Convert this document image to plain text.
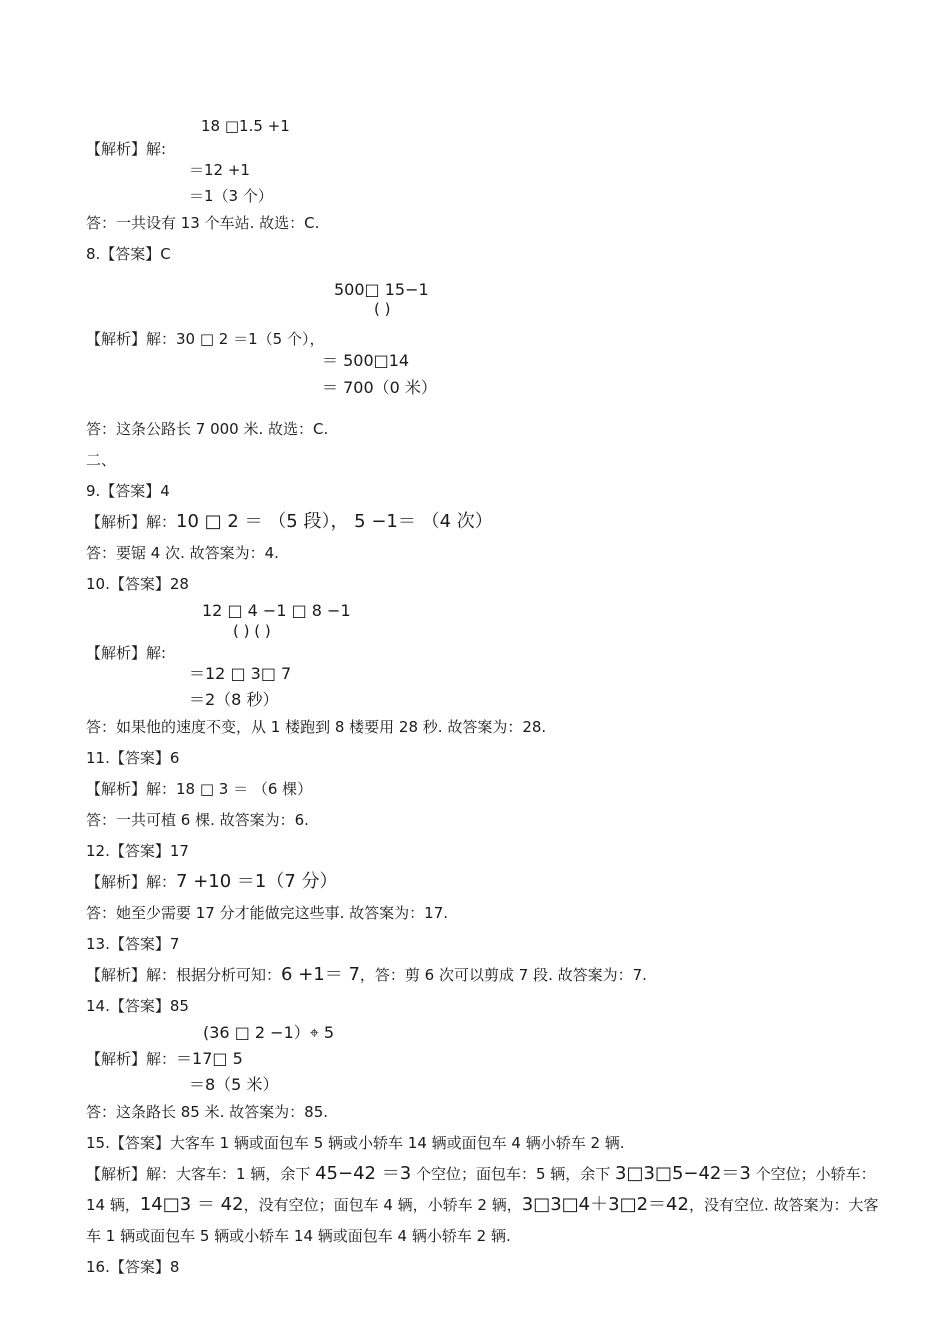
18 □1.5 +1
【解析】解:
＝12 +1
＝1（3 个）
答：一共设有 13 个车站. 故选：C.
8.【答案】C
500□ 15−1
( )
【解析】解：30 □ 2 ＝1（5 个），
＝ 500□14
＝ 700（0 米）
答：这条公路长 7 000 米. 故选：C.
二、
9.【答案】4
【解析】解：10 □ 2 ＝ （5 段）， 5 −1＝ （4 次）
答：要锯 4 次. 故答案为：4.
10.【答案】28
12 □ 4 −1 □ 8 −1
( ) ( )
【解析】解:
＝12 □ 3□ 7
＝2（8 秒）
答：如果他的速度不变，从 1 楼跑到 8 楼要用 28 秒. 故答案为：28.
11.【答案】6
【解析】解：18 □ 3 ＝ （6 棵）
答：一共可植 6 棵. 故答案为：6.
12.【答案】17
【解析】解：7 +10 ＝1（7 分）
答：她至少需要 17 分才能做完这些事. 故答案为：17.
13.【答案】7
【解析】解：根据分析可知：6 +1＝ 7，答：剪 6 次可以剪成 7 段. 故答案为：7.
14.【答案】85
(36 □ 2 −1）⌖ 5
【解析】解：＝17□ 5
＝8（5 米）
答：这条路长 85 米. 故答案为：85.
15.【答案】大客车 1 辆或面包车 5 辆或小轿车 14 辆或面包车 4 辆小轿车 2 辆.
【解析】解：大客车：1 辆，余下 45−42 ＝3 个空位；面包车：5 辆，余下 3□3□5−42＝3 个空位；小轿车：
14 辆，14□3 ＝ 42，没有空位；面包车 4 辆，小轿车 2 辆，3□3□4＋3□2＝42，没有空位. 故答案为：大客
车 1 辆或面包车 5 辆或小轿车 14 辆或面包车 4 辆小轿车 2 辆.
16.【答案】8
